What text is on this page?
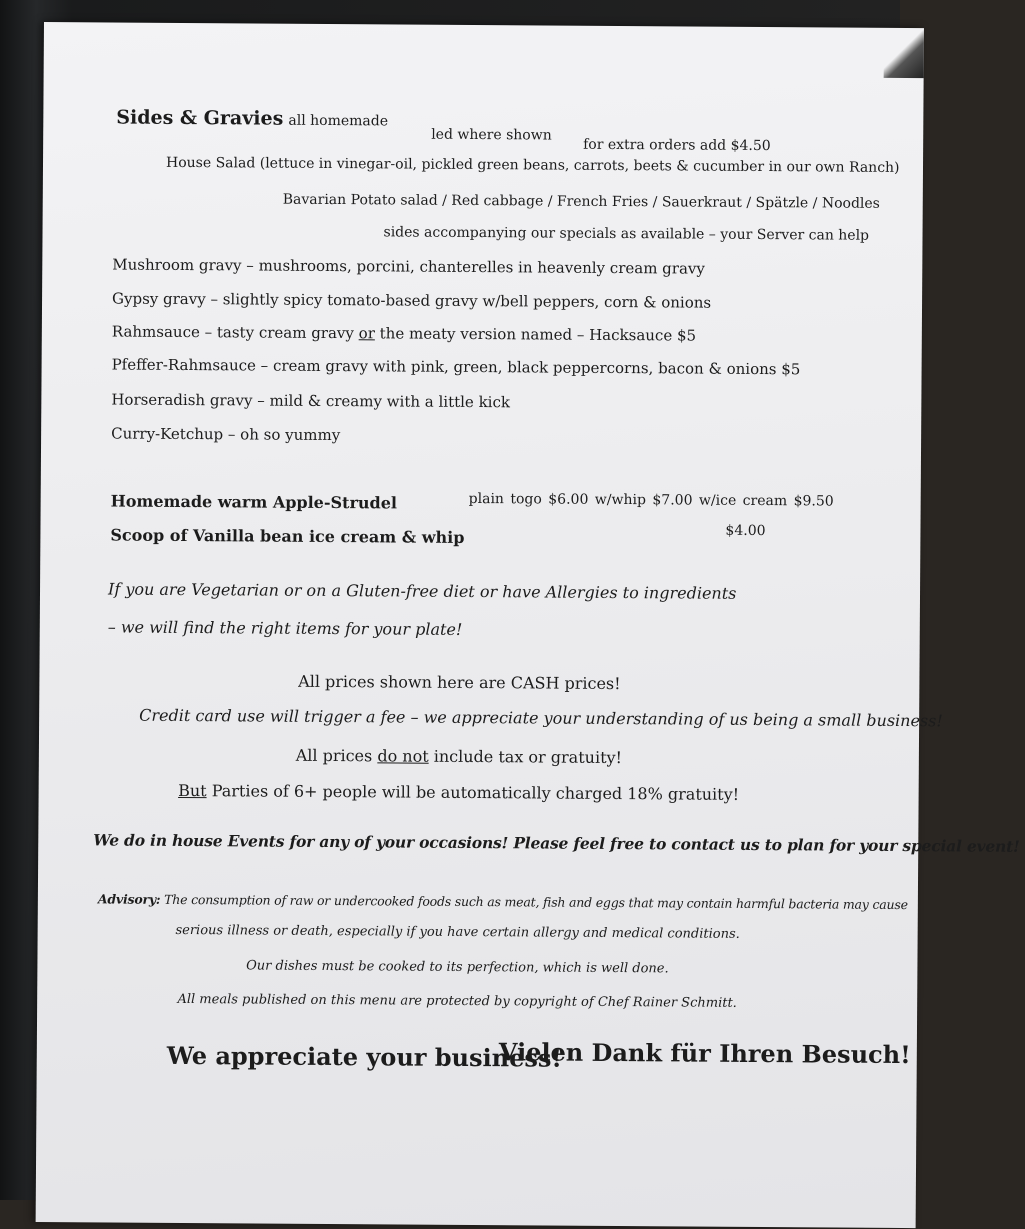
Sides & Gravies all homemade
led where shown
for extra orders add $4.50
House Salad (lettuce in vinegar-oil, pickled green beans, carrots, beets & cucumber in our own Ranch)
Bavarian Potato salad / Red cabbage / French Fries / Sauerkraut / Spätzle / Noodles
sides accompanying our specials as available – your Server can help
Mushroom gravy – mushrooms, porcini, chanterelles in heavenly cream gravy
Gypsy gravy – slightly spicy tomato-based gravy w/bell peppers, corn & onions
Rahmsauce – tasty cream gravy or the meaty version named – Hacksauce $5
Pfeffer-Rahmsauce – cream gravy with pink, green, black peppercorns, bacon & onions $5
Horseradish gravy – mild & creamy with a little kick
Curry-Ketchup – oh so yummy
Homemade warm Apple-Strudel	plain togo $6.00 w/whip $7.00 w/ice cream $9.50
Scoop of Vanilla bean ice cream & whip	$4.00
If you are Vegetarian or on a Gluten-free diet or have Allergies to ingredients
– we will find the right items for your plate!
All prices shown here are CASH prices!
Credit card use will trigger a fee – we appreciate your understanding of us being a small business!
All prices do not include tax or gratuity!
But Parties of 6+ people will be automatically charged 18% gratuity!
We do in house Events for any of your occasions! Please feel free to contact us to plan for your special event!
Advisory: The consumption of raw or undercooked foods such as meat, fish and eggs that may contain harmful bacteria may cause
serious illness or death, especially if you have certain allergy and medical conditions.
Our dishes must be cooked to its perfection, which is well done.
All meals published on this menu are protected by copyright of Chef Rainer Schmitt.
We appreciate your business!
Vielen Dank für Ihren Besuch!
